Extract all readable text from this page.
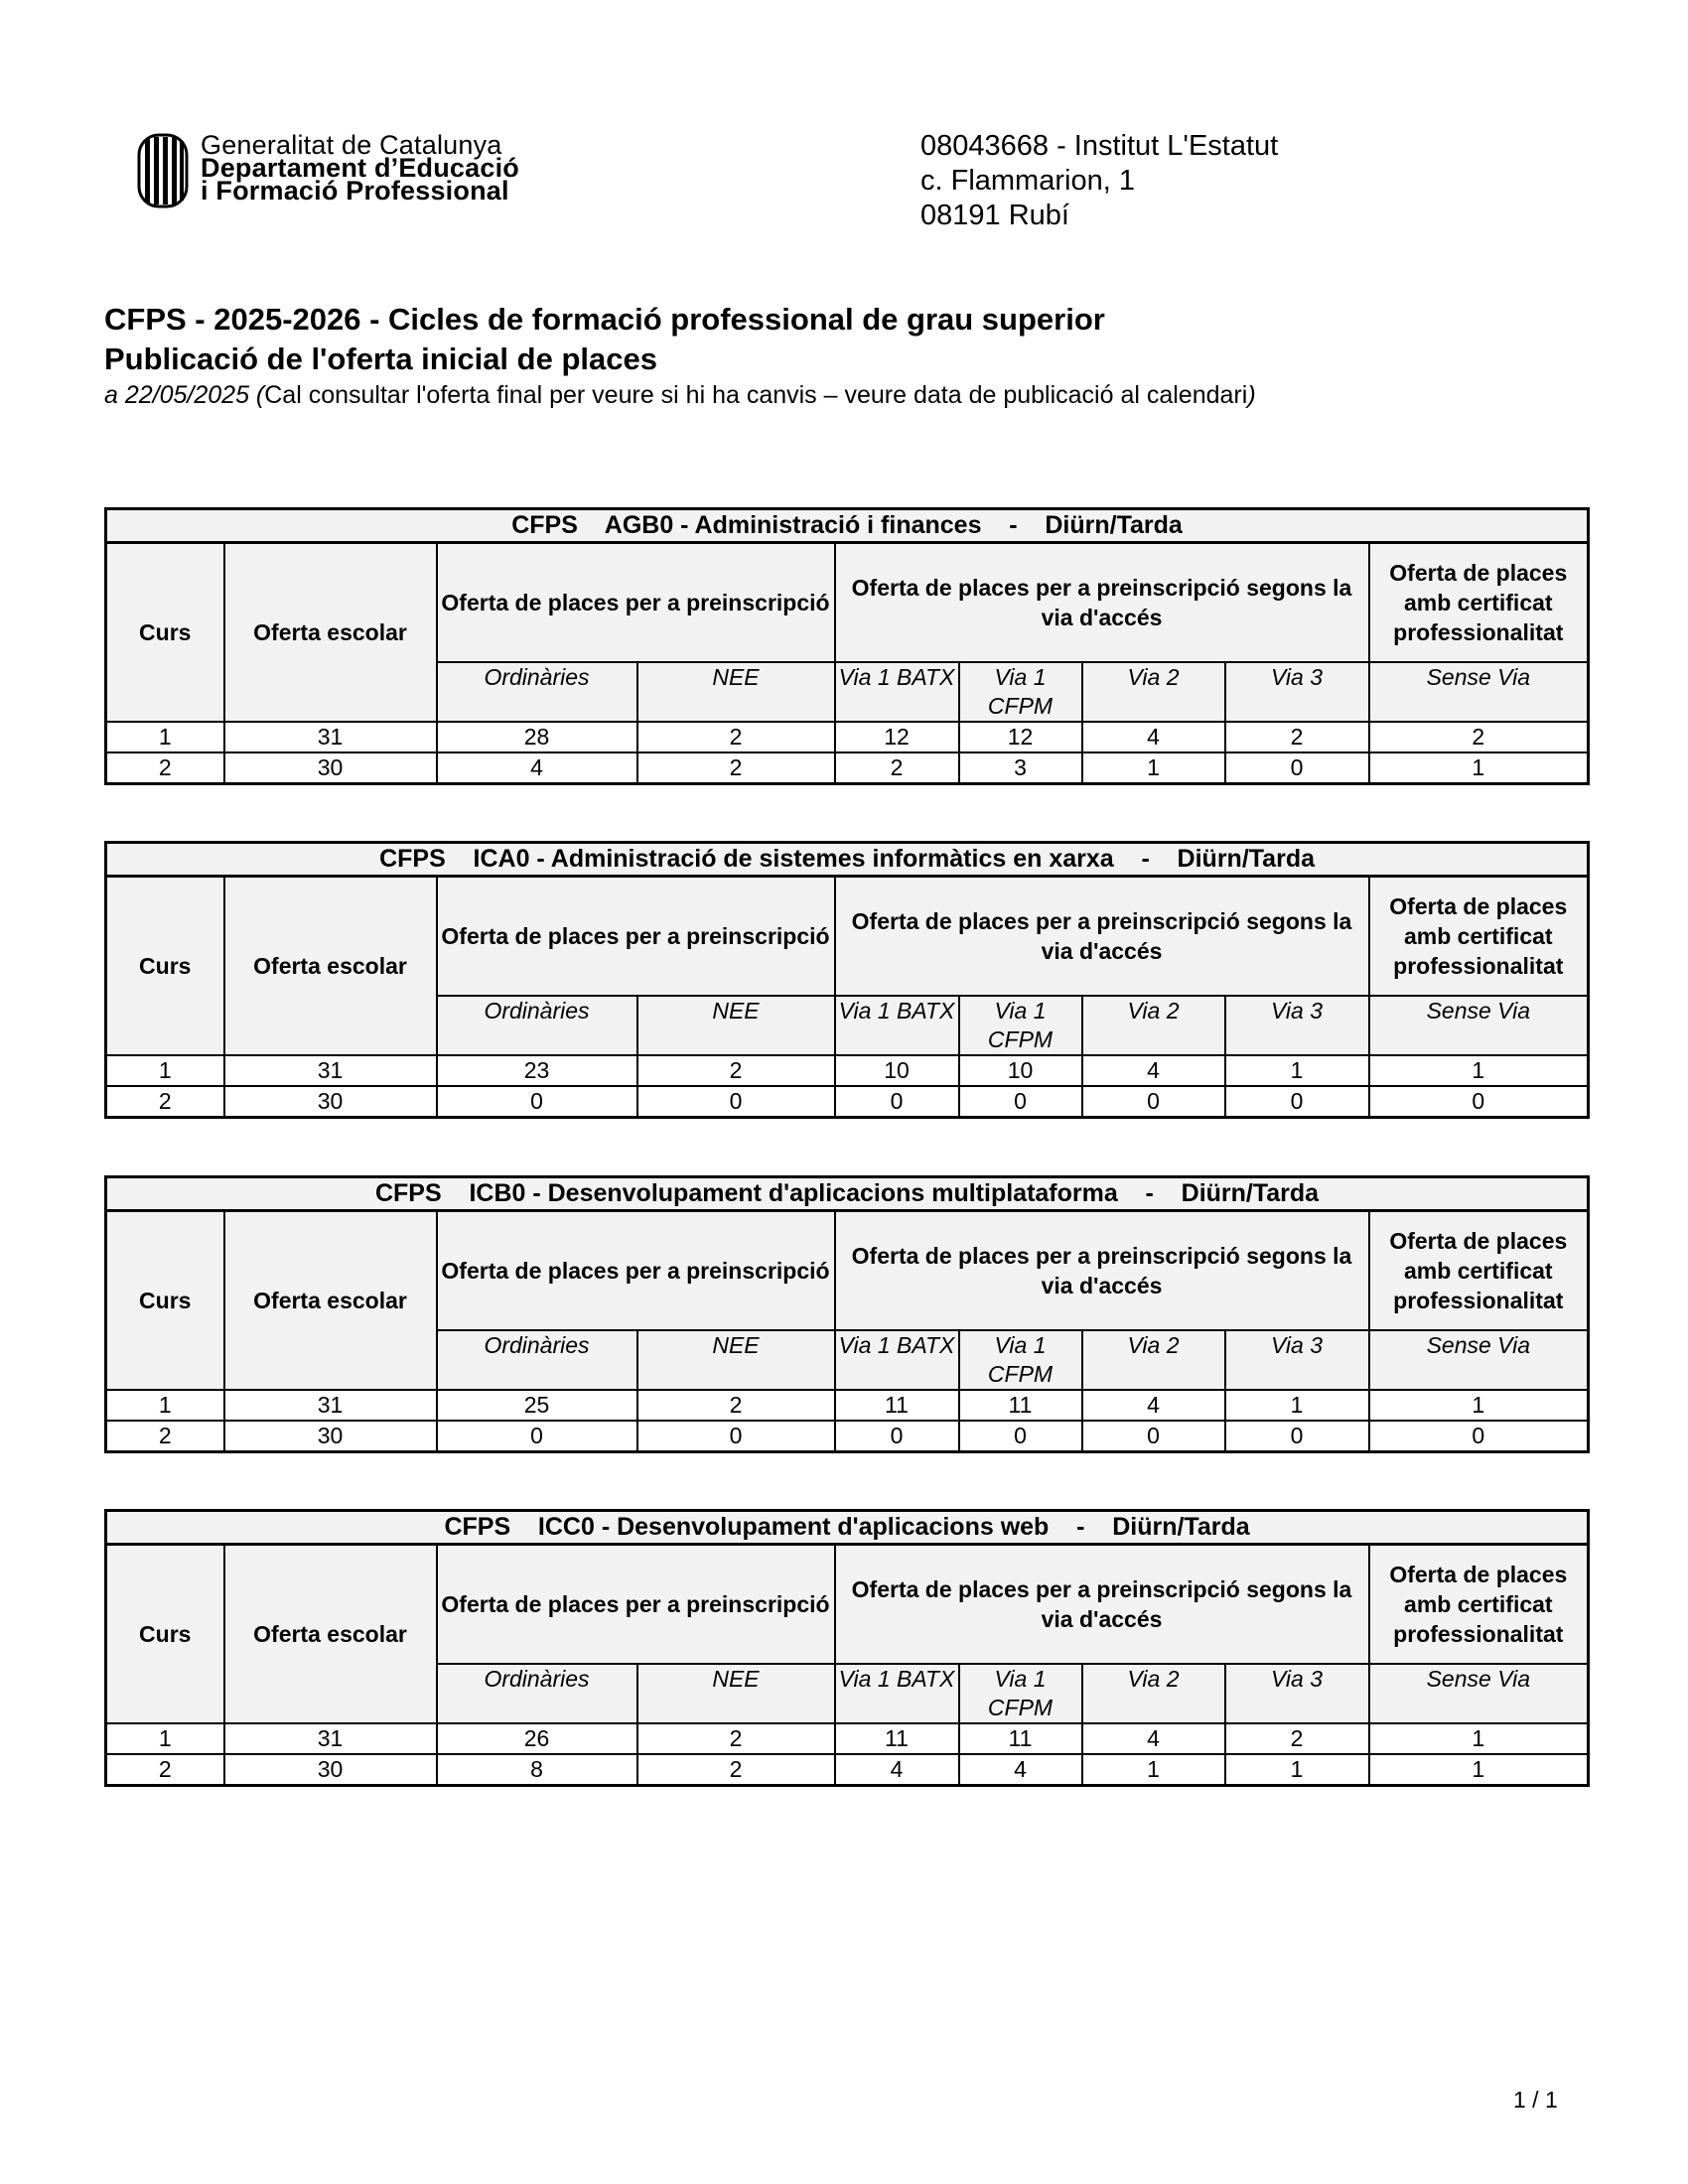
Generalitat de Catalunya
Departament d’Educació
i Formació Professional
08043668 - Institut L'Estatut
c. Flammarion, 1
08191 Rubí
CFPS - 2025-2026 - Cicles de formació professional de grau superior
Publicació de l'oferta inicial de places
a 22/05/2025 (Cal consultar l'oferta final per veure si hi ha canvis – veure data de publicació al calendari)
CFPS    AGB0 - Administració i finances    -    Diürn/Tarda								
Curs	Oferta escolar	Oferta de places per a preinscripció		Oferta de places per a preinscripció segons la via d'accés				Oferta de places amb certificat professionalitat
		Ordinàries	NEE	Via 1 BATX	Via 1 CFPM	Via 2	Via 3	Sense Via
1	31	28	2	12	12	4	2	2
2	30	4	2	2	3	1	0	1
CFPS    ICA0 - Administració de sistemes informàtics en xarxa    -    Diürn/Tarda								
Curs	Oferta escolar	Oferta de places per a preinscripció		Oferta de places per a preinscripció segons la via d'accés				Oferta de places amb certificat professionalitat
		Ordinàries	NEE	Via 1 BATX	Via 1 CFPM	Via 2	Via 3	Sense Via
1	31	23	2	10	10	4	1	1
2	30	0	0	0	0	0	0	0
CFPS    ICB0 - Desenvolupament d'aplicacions multiplataforma    -    Diürn/Tarda								
Curs	Oferta escolar	Oferta de places per a preinscripció		Oferta de places per a preinscripció segons la via d'accés				Oferta de places amb certificat professionalitat
		Ordinàries	NEE	Via 1 BATX	Via 1 CFPM	Via 2	Via 3	Sense Via
1	31	25	2	11	11	4	1	1
2	30	0	0	0	0	0	0	0
CFPS    ICC0 - Desenvolupament d'aplicacions web    -    Diürn/Tarda								
Curs	Oferta escolar	Oferta de places per a preinscripció		Oferta de places per a preinscripció segons la via d'accés				Oferta de places amb certificat professionalitat
		Ordinàries	NEE	Via 1 BATX	Via 1 CFPM	Via 2	Via 3	Sense Via
1	31	26	2	11	11	4	2	1
2	30	8	2	4	4	1	1	1
1 / 1
